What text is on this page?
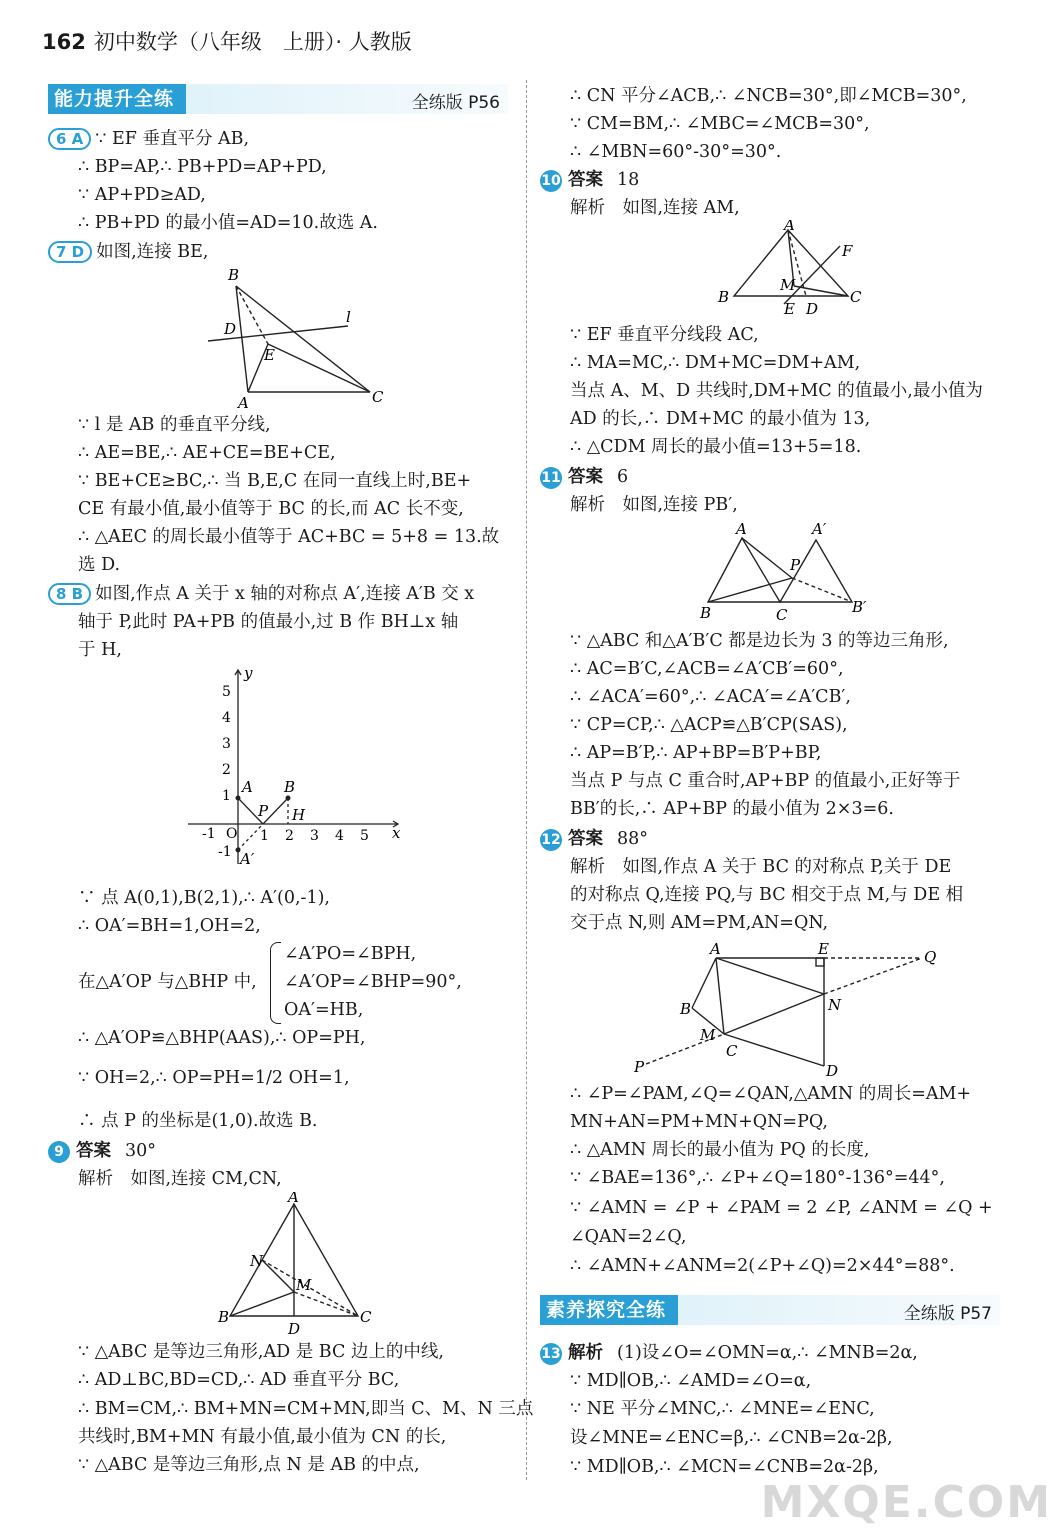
162 初中数学（八年级　上册）· 人教版
能力提升全练	全练版 P56
6 A ∵ EF 垂直平分 AB,
∴ BP=AP,∴ PB+PD=AP+PD,
∵ AP+PD≥AD,
∴ PB+PD 的最小值=AD=10.故选 A.
7 D 如图,连接 BE,
B
D
E
A	C
l
∵ l 是 AB 的垂直平分线,
∴ AE=BE,∴ AE+CE=BE+CE,
∵ BE+CE≥BC,∴ 当 B,E,C 在同一直线上时,BE+
CE 有最小值,最小值等于 BC 的长,而 AC 长不变,
∴ △AEC 的周长最小值等于 AC+BC = 5+8 = 13.故
选 D.
8 B 如图,作点 A 关于 x 轴的对称点 A′,连接 A′B 交 x
轴于 P,此时 PA+PB 的值最小,过 B 作 BH⊥x 轴
于 H,
5
4
3
2
1
-1
-1 O 1 2 3 4 5 x
y
A B
P H
A′
∵ 点 A(0,1),B(2,1),∴ A′(0,-1),
∴ OA′=BH=1,OH=2,
在△A′OP 与△BHP 中,
∠A′PO=∠BPH,
∠A′OP=∠BHP=90°,
OA′=HB,
∴ △A′OP≌△BHP(AAS),∴ OP=PH,
∵ OH=2,∴ OP=PH=1/2 OH=1,
∴ 点 P 的坐标是(1,0).故选 B.
9 答案 30°
解析　如图,连接 CM,CN,
A
N
M
B	C
D
∵ △ABC 是等边三角形,AD 是 BC 边上的中线,
∴ AD⊥BC,BD=CD,∴ AD 垂直平分 BC,
∴ BM=CM,∴ BM+MN=CM+MN,即当 C、M、N 三点
共线时,BM+MN 有最小值,最小值为 CN 的长,
∵ △ABC 是等边三角形,点 N 是 AB 的中点,
∴ CN 平分∠ACB,∴ ∠NCB=30°,即∠MCB=30°,
∵ CM=BM,∴ ∠MBC=∠MCB=30°,
∴ ∠MBN=60°-30°=30°.
10 答案 18
解析　如图,连接 AM,
A
F
M
B	C
E D
∵ EF 垂直平分线段 AC,
∴ MA=MC,∴ DM+MC=DM+AM,
当点 A、M、D 共线时,DM+MC 的值最小,最小值为
AD 的长,∴ DM+MC 的最小值为 13,
∴ △CDM 周长的最小值=13+5=18.
11 答案 6
解析　如图,连接 PB′,
A	A′
P
B	C	B′
∵ △ABC 和△A′B′C 都是边长为 3 的等边三角形,
∴ AC=B′C,∠ACB=∠A′CB′=60°,
∴ ∠ACA′=60°,∴ ∠ACA′=∠A′CB′,
∵ CP=CP,∴ △ACP≌△B′CP(SAS),
∴ AP=B′P,∴ AP+BP=B′P+BP,
当点 P 与点 C 重合时,AP+BP 的值最小,正好等于
BB′的长,∴ AP+BP 的最小值为 2×3=6.
12 答案 88°
解析　如图,作点 A 关于 BC 的对称点 P,关于 DE
的对称点 Q,连接 PQ,与 BC 相交于点 M,与 DE 相
交于点 N,则 AM=PM,AN=QN,
A	E	Q
B	N
M
C
P	D
∴ ∠P=∠PAM,∠Q=∠QAN,△AMN 的周长=AM+
MN+AN=PM+MN+QN=PQ,
∴ △AMN 周长的最小值为 PQ 的长度,
∵ ∠BAE=136°,∴ ∠P+∠Q=180°-136°=44°,
∵ ∠AMN = ∠P + ∠PAM = 2 ∠P, ∠ANM = ∠Q +
∠QAN=2∠Q,
∴ ∠AMN+∠ANM=2(∠P+∠Q)=2×44°=88°.
素养探究全练	全练版 P57
13 解析 (1)设∠O=∠OMN=α,∴ ∠MNB=2α,
∵ MD∥OB,∴ ∠AMD=∠O=α,
∵ NE 平分∠MNC,∴ ∠MNE=∠ENC,
设∠MNE=∠ENC=β,∴ ∠CNB=2α-2β,
∵ MD∥OB,∴ ∠MCN=∠CNB=2α-2β,
MXQE.COM
